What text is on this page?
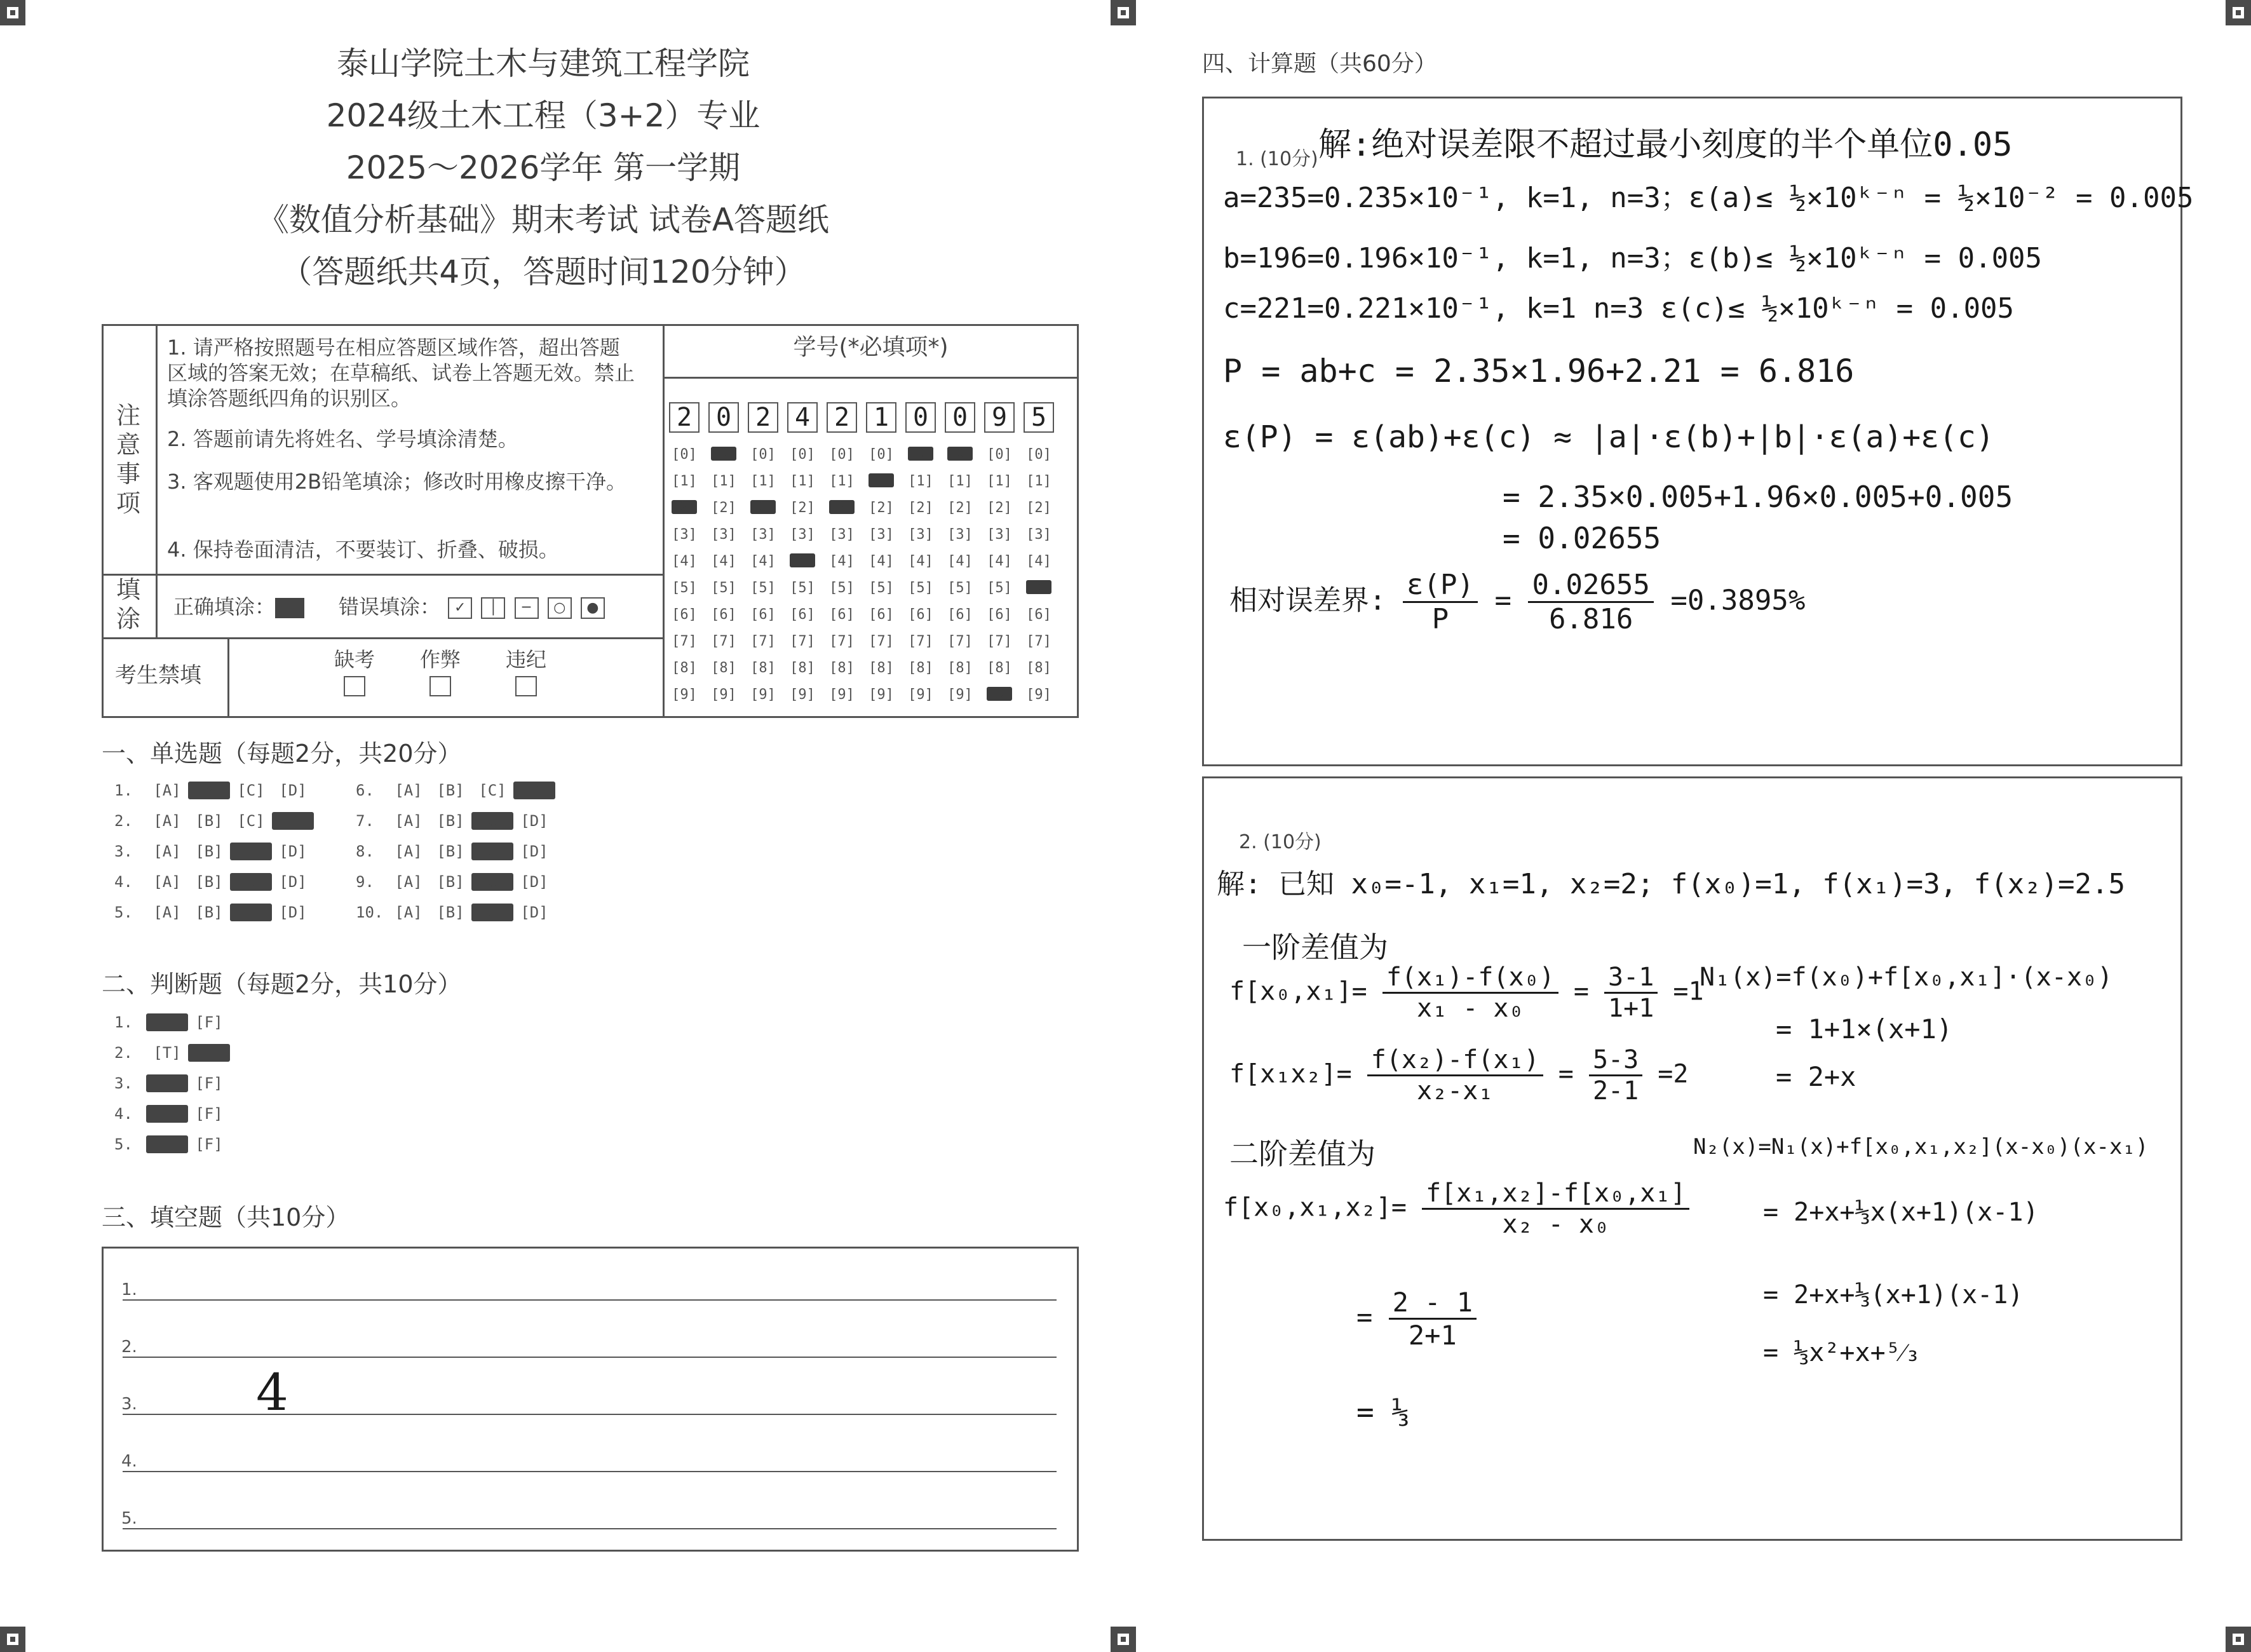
泰山学院土木与建筑工程学院
2024级土木工程（3+2）专业
2025～2026学年 第一学期
《数值分析基础》期末考试 试卷A答题纸
（答题纸共4页，答题时间120分钟）
注意事项
1. 请严格按照题号在相应答题区域作答，超出答题区域的答案无效；在草稿纸、试卷上答题无效。禁止填涂答题纸四角的识别区。
2. 答题前请先将姓名、学号填涂清楚。
3. 客观题使用2B铅笔填涂；修改时用橡皮擦干净。
4. 保持卷面清洁，不要装订、折叠、破损。
填涂 正确填涂：	错误填涂： ✓ │ ─ ○ ●
考生禁填
缺考 作弊 违纪

学号(*必填项*)
2
[0]
[1]
[2]
[3]
[4]
[5]
[6]
[7]
[8]
[9]
0
[0]
[1]
[2]
[3]
[4]
[5]
[6]
[7]
[8]
[9]
2
[0]
[1]
[2]
[3]
[4]
[5]
[6]
[7]
[8]
[9]
4
[0]
[1]
[2]
[3]
[4]
[5]
[6]
[7]
[8]
[9]
2
[0]
[1]
[2]
[3]
[4]
[5]
[6]
[7]
[8]
[9]
1
[0]
[1]
[2]
[3]
[4]
[5]
[6]
[7]
[8]
[9]
0
[0]
[1]
[2]
[3]
[4]
[5]
[6]
[7]
[8]
[9]
0
[0]
[1]
[2]
[3]
[4]
[5]
[6]
[7]
[8]
[9]
9
[0]
[1]
[2]
[3]
[4]
[5]
[6]
[7]
[8]
[9]
5
[0]
[1]
[2]
[3]
[4]
[5]
[6]
[7]
[8]
[9]
一、单选题（每题2分，共20分）
1. [A] [B] [C] [D]
2. [A] [B] [C] [D]
3. [A] [B] [C] [D]
4. [A] [B] [C] [D]
5. [A] [B] [C] [D]
6. [A] [B] [C] [D]
7. [A] [B] [C] [D]
8. [A] [B] [C] [D]
9. [A] [B] [C] [D]
10. [A] [B] [C] [D]
二、判断题（每题2分，共10分）
1. [T] [F]
2. [T] [F]
3. [T] [F]
4. [T] [F]
5. [T] [F]
三、填空题（共10分）
1.
2.
3. 4
4.
5.
四、计算题（共60分）
1. (10分) 解:绝对误差限不超过最小刻度的半个单位0.05
a=235=0.235×10⁻¹, k=1, n=3；ε(a)≤ ½×10ᵏ⁻ⁿ = ½×10⁻² = 0.005
b=196=0.196×10⁻¹, k=1, n=3；ε(b)≤ ½×10ᵏ⁻ⁿ = 0.005
c=221=0.221×10⁻¹, k=1 n=3 ε(c)≤ ½×10ᵏ⁻ⁿ = 0.005
P = ab+c = 2.35×1.96+2.21 = 6.816
ε(P) = ε(ab)+ε(c) ≈ |a|·ε(b)+|b|·ε(a)+ε(c)
= 2.35×0.005+1.96×0.005+0.005
= 0.02655
相对误差界: $\frac{\varepsilon(P)}{P} = \frac{0.02655}{6.816} =0.3895\%$
2. (10分)
解: 已知 x₀=-1, x₁=1, x₂=2; f(x₀)=1, f(x₁)=3, f(x₂)=2.5
一阶差值为
$f[x_0,x_1]= \frac{\text{f(x₁)-f(x₀)}}{\text{x₁ - x₀}} = \frac{3-1}{1+1} =1$
$f[x_1x_2]= \frac{\text{f(x₂)-f(x₁)}}{\text{x₂-x₁}} = \frac{5-3}{2-1} =2$
二阶差值为
$f[x_0,x_1,x_2]= \frac{\text{f[x₁,x₂]-f[x₀,x₁]}}{\text{x₂ - x₀}}$
= $\frac{2 - 1}{2+1}$
= ⅓
N₁(x)=f(x₀)+f[x₀,x₁]·(x-x₀)
= 1+1×(x+1)
= 2+x
N₂(x)=N₁(x)+f[x₀,x₁,x₂](x-x₀)(x-x₁)
= 2+x+⅓x(x+1)(x-1)
= 2+x+⅓(x+1)(x-1)
= ⅓x²+x+⁵⁄₃
